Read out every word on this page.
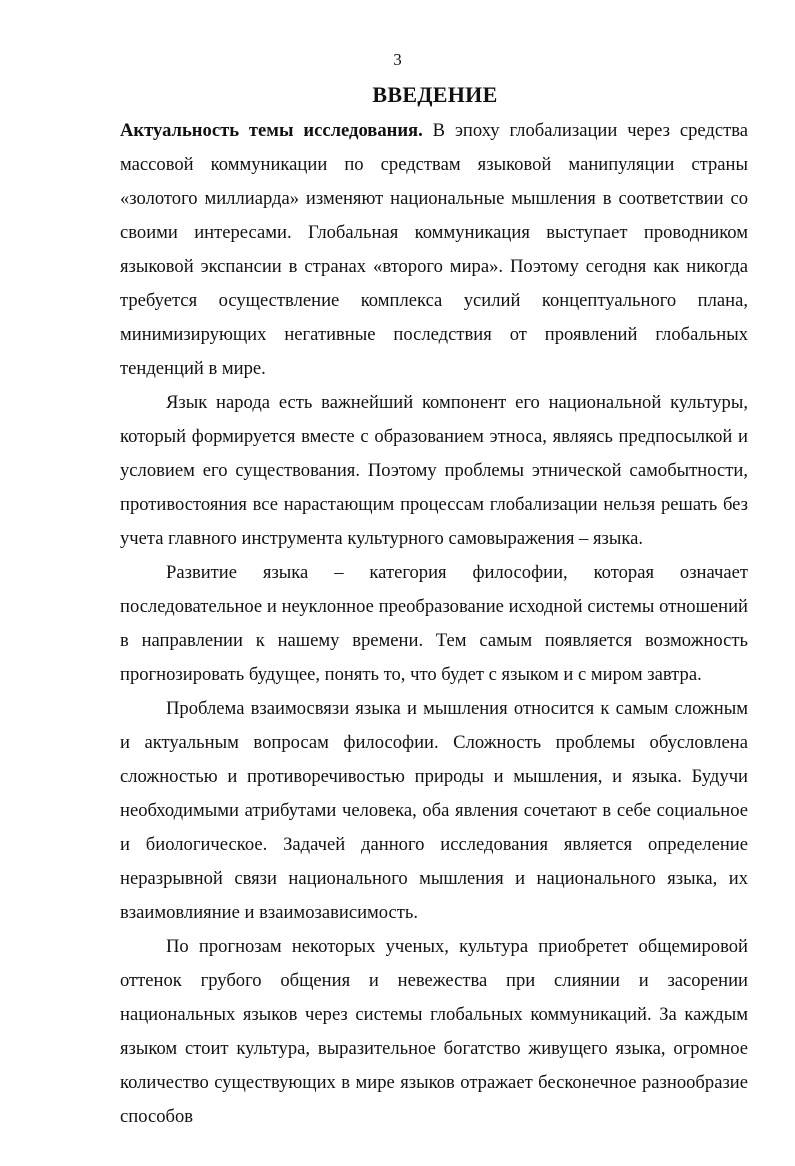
3
ВВЕДЕНИЕ

Актуальность темы исследования. В эпоху глобализации через средства массовой коммуникации по средствам языковой манипуляции страны «золотого миллиарда» изменяют национальные мышления в соответствии со своими интересами. Глобальная коммуникация выступает проводником языковой экспансии в странах «второго мира». Поэтому сегодня как никогда требуется осуществление комплекса усилий концептуального плана, минимизирующих негативные последствия от проявлений глобальных тенденций в мире.

Язык народа есть важнейший компонент его национальной культуры, который формируется вместе с образованием этноса, являясь предпосылкой и условием его существования. Поэтому проблемы этнической самобытности, противостояния все нарастающим процессам глобализации нельзя решать без учета главного инструмента культурного самовыражения – языка.

Развитие языка – категория философии, которая означает последовательное и неуклонное преобразование исходной системы отношений в направлении к нашему времени. Тем самым появляется возможность прогнозировать будущее, понять то, что будет с языком и с миром завтра.

Проблема взаимосвязи языка и мышления относится к самым сложным и актуальным вопросам философии. Сложность проблемы обусловлена сложностью и противоречивостью природы и мышления, и языка. Будучи необходимыми атрибутами человека, оба явления сочетают в себе социальное и биологическое. Задачей данного исследования является определение неразрывной связи национального мышления и национального языка, их взаимовлияние и взаимозависимость.

По прогнозам некоторых ученых, культура приобретет общемировой оттенок грубого общения и невежества при слиянии и засорении национальных языков через системы глобальных коммуникаций. За каждым языком стоит культура, выразительное богатство живущего языка, огромное количество существующих в мире языков отражает бесконечное разнообразие способов
